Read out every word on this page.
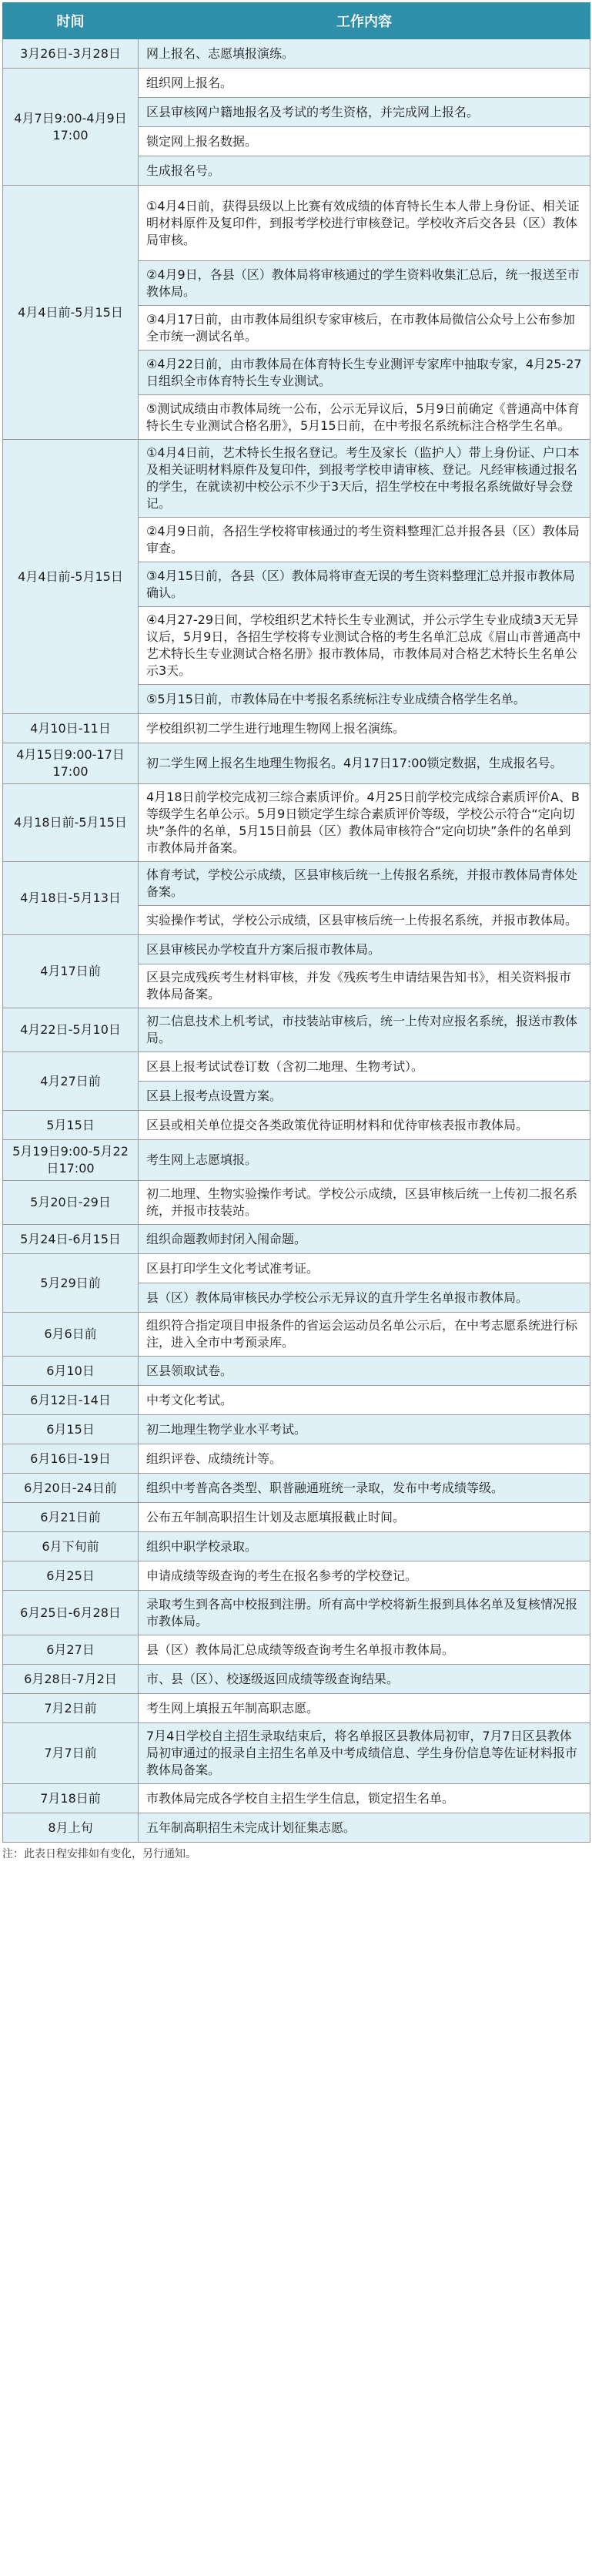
时间	工作内容
3月26日-3月28日	网上报名、志愿填报演练。
4月7日9:00-4月9日17:00	组织网上报名。
	区县审核网户籍地报名及考试的考生资格，并完成网上报名。
	锁定网上报名数据。
	生成报名号。
4月4日前-5月15日	①4月4日前，获得县级以上比赛有效成绩的体育特长生本人带上身份证、相关证明材料原件及复印件，到报考学校进行审核登记。学校收齐后交各县（区）教体局审核。
	②4月9日，各县（区）教体局将审核通过的学生资料收集汇总后，统一报送至市教体局。
	③4月17日前，由市教体局组织专家审核后，在市教体局微信公众号上公布参加全市统一测试名单。
	④4月22日前，由市教体局在体育特长生专业测评专家库中抽取专家，4月25-27日组织全市体育特长生专业测试。
	⑤测试成绩由市教体局统一公布，公示无异议后，5月9日前确定《普通高中体育特长生专业测试合格名册》，5月15日前，在中考报名系统标注合格学生名单。
4月4日前-5月15日	①4月4日前，艺术特长生报名登记。考生及家长（监护人）带上身份证、户口本及相关证明材料原件及复印件，到报考学校申请审核、登记。凡经审核通过报名的学生，在就读初中校公示不少于3天后，招生学校在中考报名系统做好导会登记。
	②4月9日前，各招生学校将审核通过的考生资料整理汇总并报各县（区）教体局审查。
	③4月15日前，各县（区）教体局将审查无误的考生资料整理汇总并报市教体局确认。
	④4月27-29日间，学校组织艺术特长生专业测试，并公示学生专业成绩3天无异议后，5月9日，各招生学校将专业测试合格的考生名单汇总成《眉山市普通高中艺术特长生专业测试合格名册》报市教体局，市教体局对合格艺术特长生名单公示3天。
	⑤5月15日前，市教体局在中考报名系统标注专业成绩合格学生名单。
4月10日-11日	学校组织初二学生进行地理生物网上报名演练。
4月15日9:00-17日17:00	初二学生网上报名生地理生物报名。4月17日17:00锁定数据，生成报名号。
4月18日前-5月15日	4月18日前学校完成初三综合素质评价。4月25日前学校完成综合素质评价A、B等级学生名单公示。5月9日锁定学生综合素质评价等级，学校公示符合“定向切块”条件的名单，5月15日前县（区）教体局审核符合“定向切块”条件的名单到市教体局并备案。
4月18日-5月13日	体育考试，学校公示成绩，区县审核后统一上传报名系统，并报市教体局青体处备案。
	实验操作考试，学校公示成绩，区县审核后统一上传报名系统，并报市教体局。
4月17日前	区县审核民办学校直升方案后报市教体局。
	区县完成残疾考生材料审核，并发《残疾考生申请结果告知书》，相关资料报市教体局备案。
4月22日-5月10日	初二信息技术上机考试，市技装站审核后，统一上传对应报名系统，报送市教体局。
4月27日前	区县上报考试试卷订数（含初二地理、生物考试）。
	区县上报考点设置方案。
5月15日	区县或相关单位提交各类政策优待证明材料和优待审核表报市教体局。
5月19日9:00-5月22日17:00	考生网上志愿填报。
5月20日-29日	初二地理、生物实验操作考试。学校公示成绩，区县审核后统一上传初二报名系统，并报市技装站。
5月24日-6月15日	组织命题教师封闭入闱命题。
5月29日前	区县打印学生文化考试准考证。
	县（区）教体局审核民办学校公示无异议的直升学生名单报市教体局。
6月6日前	组织符合指定项目申报条件的省运会运动员名单公示后，在中考志愿系统进行标注，进入全市中考预录库。
6月10日	区县领取试卷。
6月12日-14日	中考文化考试。
6月15日	初二地理生物学业水平考试。
6月16日-19日	组织评卷、成绩统计等。
6月20日-24日前	组织中考普高各类型、职普融通班统一录取，发布中考成绩等级。
6月21日前	公布五年制高职招生计划及志愿填报截止时间。
6月下旬前	组织中职学校录取。
6月25日	申请成绩等级查询的考生在报名参考的学校登记。
6月25日-6月28日	录取考生到各高中校报到注册。所有高中学校将新生报到具体名单及复核情况报市教体局。
6月27日	县（区）教体局汇总成绩等级查询考生名单报市教体局。
6月28日-7月2日	市、县（区）、校逐级返回成绩等级查询结果。
7月2日前	考生网上填报五年制高职志愿。
7月7日前	7月4日学校自主招生录取结束后，将名单报区县教体局初审，7月7日区县教体局初审通过的报录自主招生名单及中考成绩信息、学生身份信息等佐证材料报市教体局备案。
7月18日前	市教体局完成各学校自主招生学生信息，锁定招生名单。
8月上旬	五年制高职招生未完成计划征集志愿。
注：此表日程安排如有变化，另行通知。
